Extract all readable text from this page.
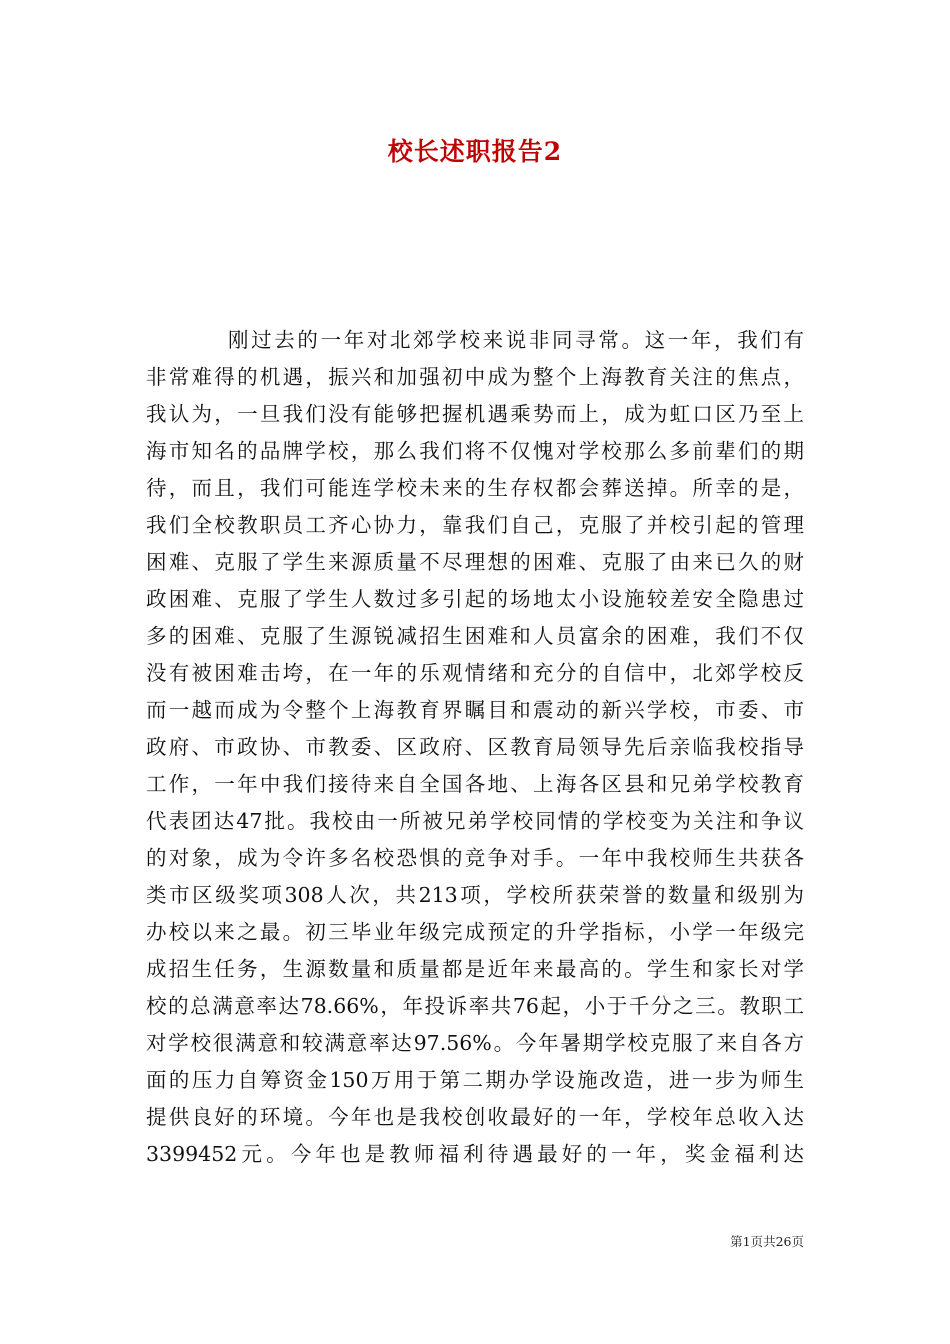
校长述职报告2
刚过去的一年对北郊学校来说非同寻常。这一年，我们有
非常难得的机遇，振兴和加强初中成为整个上海教育关注的焦点，
我认为，一旦我们没有能够把握机遇乘势而上，成为虹口区乃至上
海市知名的品牌学校，那么我们将不仅愧对学校那么多前辈们的期
待，而且，我们可能连学校未来的生存权都会葬送掉。所幸的是，
我们全校教职员工齐心协力，靠我们自己，克服了并校引起的管理
困难、克服了学生来源质量不尽理想的困难、克服了由来已久的财
政困难、克服了学生人数过多引起的场地太小设施较差安全隐患过
多的困难、克服了生源锐减招生困难和人员富余的困难，我们不仅
没有被困难击垮，在一年的乐观情绪和充分的自信中，北郊学校反
而一越而成为令整个上海教育界瞩目和震动的新兴学校，市委、市
政府、市政协、市教委、区政府、区教育局领导先后亲临我校指导
工作，一年中我们接待来自全国各地、上海各区县和兄弟学校教育
代表团达47批。我校由一所被兄弟学校同情的学校变为关注和争议
的对象，成为令许多名校恐惧的竞争对手。一年中我校师生共获各
类市区级奖项308人次，共213项，学校所获荣誉的数量和级别为
办校以来之最。初三毕业年级完成预定的升学指标，小学一年级完
成招生任务，生源数量和质量都是近年来最高的。学生和家长对学
校的总满意率达78.66%，年投诉率共76起，小于千分之三。教职工
对学校很满意和较满意率达97.56%。今年暑期学校克服了来自各方
面的压力自筹资金150万用于第二期办学设施改造，进一步为师生
提供良好的环境。今年也是我校创收最好的一年，学校年总收入达
3399452元。今年也是教师福利待遇最好的一年，奖金福利达
第1页共26页
